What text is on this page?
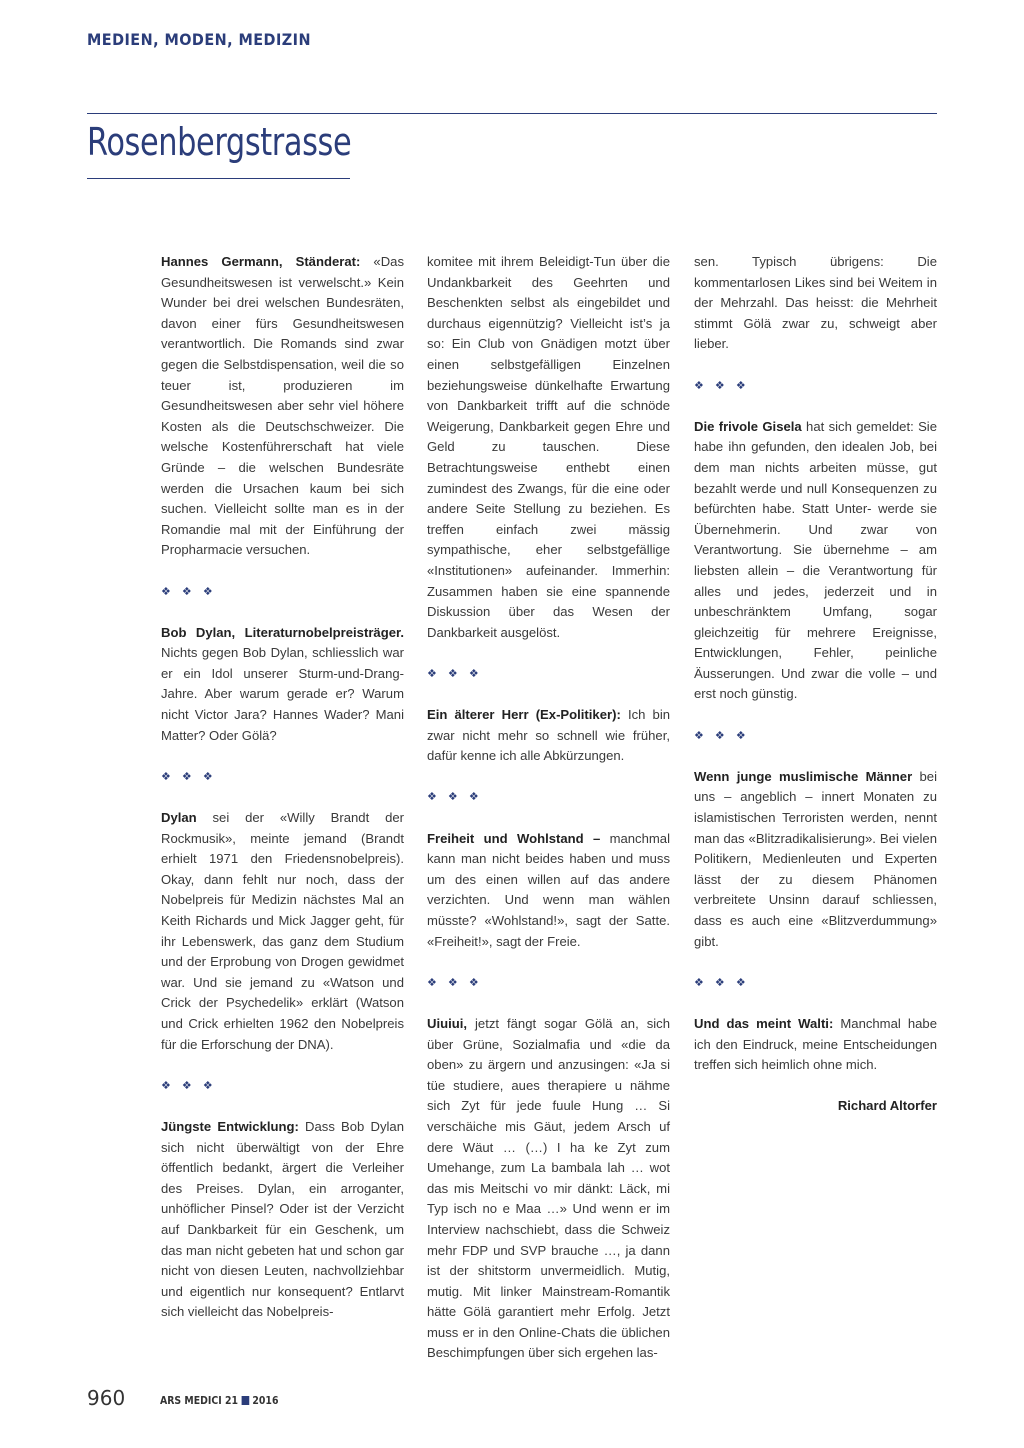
MEDIEN, MODEN, MEDIZIN
Rosenbergstrasse

Hannes Germann, Ständerat: «Das Gesundheitswesen ist verwelscht.» Kein Wunder bei drei welschen Bundesräten, davon einer fürs Gesundheitswesen verantwortlich. Die Romands sind zwar gegen die Selbstdispensation, weil die so teuer ist, produzieren im Gesundheitswesen aber sehr viel höhere Kosten als die Deutschschweizer. Die welsche Kostenführerschaft hat viele Gründe – die welschen Bundesräte werden die Ursachen kaum bei sich suchen. Vielleicht sollte man es in der Romandie mal mit der Einführung der Propharmacie versuchen.

❖ ❖ ❖

Bob Dylan, Literaturnobelpreisträger. Nichts gegen Bob Dylan, schliesslich war er ein Idol unserer Sturm-und-Drang-Jahre. Aber warum gerade er? Warum nicht Victor Jara? Hannes Wader? Mani Matter? Oder Gölä?

❖ ❖ ❖

Dylan sei der «Willy Brandt der Rockmusik», meinte jemand (Brandt erhielt 1971 den Friedensnobelpreis). Okay, dann fehlt nur noch, dass der Nobelpreis für Medizin nächstes Mal an Keith Richards und Mick Jagger geht, für ihr Lebenswerk, das ganz dem Studium und der Erprobung von Drogen gewidmet war. Und sie jemand zu «Watson und Crick der Psychedelik» erklärt (Watson und Crick erhielten 1962 den Nobelpreis für die Erforschung der DNA).

❖ ❖ ❖

Jüngste Entwicklung: Dass Bob Dylan sich nicht überwältigt von der Ehre öffentlich bedankt, ärgert die Verleiher des Preises. Dylan, ein arroganter, unhöflicher Pinsel? Oder ist der Verzicht auf Dankbarkeit für ein Geschenk, um das man nicht gebeten hat und schon gar nicht von diesen Leuten, nachvollziehbar und eigentlich nur konsequent? Entlarvt sich vielleicht das Nobelpreis-

komitee mit ihrem Beleidigt-Tun über die Undankbarkeit des Geehrten und Beschenkten selbst als eingebildet und durchaus eigennützig? Vielleicht ist’s ja so: Ein Club von Gnädigen motzt über einen selbstgefälligen Einzelnen beziehungsweise dünkelhafte Erwartung von Dankbarkeit trifft auf die schnöde Weigerung, Dankbarkeit gegen Ehre und Geld zu tauschen. Diese Betrachtungsweise enthebt einen zumindest des Zwangs, für die eine oder andere Seite Stellung zu beziehen. Es treffen einfach zwei mässig sympathische, eher selbstgefällige «Institutionen» aufeinander. Immerhin: Zusammen haben sie eine spannende Diskussion über das Wesen der Dankbarkeit ausgelöst.

❖ ❖ ❖

Ein älterer Herr (Ex-Politiker): Ich bin zwar nicht mehr so schnell wie früher, dafür kenne ich alle Abkürzungen.

❖ ❖ ❖

Freiheit und Wohlstand – manchmal kann man nicht beides haben und muss um des einen willen auf das andere verzichten. Und wenn man wählen müsste? «Wohlstand!», sagt der Satte. «Freiheit!», sagt der Freie.

❖ ❖ ❖

Uiuiui, jetzt fängt sogar Gölä an, sich über Grüne, Sozialmafia und «die da oben» zu ärgern und anzusingen: «Ja si tüe studiere, aues therapiere u nähme sich Zyt für jede fuule Hung … Si verschäiche mis Gäut, jedem Arsch uf dere Wäut … (…) I ha ke Zyt zum Umehange, zum La bambala lah … wot das mis Meitschi vo mir dänkt: Läck, mi Typ isch no e Maa …» Und wenn er im Interview nachschiebt, dass die Schweiz mehr FDP und SVP brauche …, ja dann ist der shitstorm unvermeidlich. Mutig, mutig. Mit linker Mainstream-Romantik hätte Gölä garantiert mehr Erfolg. Jetzt muss er in den Online-Chats die üblichen Beschimpfungen über sich ergehen las-

sen. Typisch übrigens: Die kommentarlosen Likes sind bei Weitem in der Mehrzahl. Das heisst: die Mehrheit stimmt Gölä zwar zu, schweigt aber lieber.

❖ ❖ ❖

Die frivole Gisela hat sich gemeldet: Sie habe ihn gefunden, den idealen Job, bei dem man nichts arbeiten müsse, gut bezahlt werde und null Konsequenzen zu befürchten habe. Statt Unter- werde sie Übernehmerin. Und zwar von Verantwortung. Sie übernehme – am liebsten allein – die Verantwortung für alles und jedes, jederzeit und in unbeschränktem Umfang, sogar gleichzeitig für mehrere Ereignisse, Entwicklungen, Fehler, peinliche Äusserungen. Und zwar die volle – und erst noch günstig.

❖ ❖ ❖

Wenn junge muslimische Männer bei uns – angeblich – innert Monaten zu islamistischen Terroristen werden, nennt man das «Blitzradikalisierung». Bei vielen Politikern, Medienleuten und Experten lässt der zu diesem Phänomen verbreitete Unsinn darauf schliessen, dass es auch eine «Blitzverdummung» gibt.

❖ ❖ ❖

Und das meint Walti: Manchmal habe ich den Eindruck, meine Entscheidungen treffen sich heimlich ohne mich.

Richard Altorfer

960	ARS MEDICI 21 2016
